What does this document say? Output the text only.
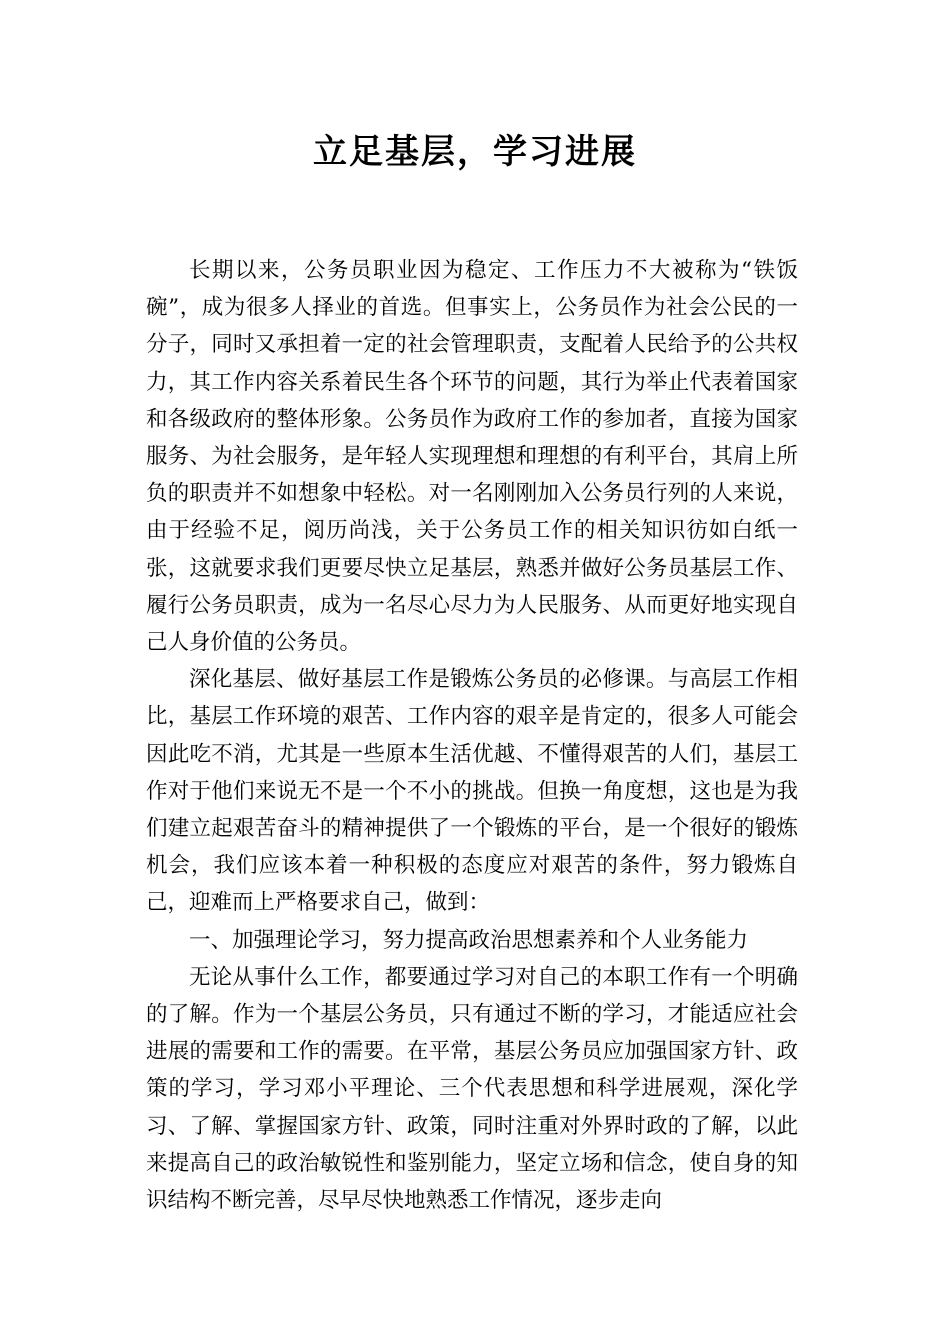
立足基层，学习进展

长期以来，公务员职业因为稳定、工作压力不大被称为“铁饭碗”，成为很多人择业的首选。但事实上，公务员作为社会公民的一分子，同时又承担着一定的社会管理职责，支配着人民给予的公共权力，其工作内容关系着民生各个环节的问题，其行为举止代表着国家和各级政府的整体形象。公务员作为政府工作的参加者，直接为国家服务、为社会服务，是年轻人实现理想和理想的有利平台，其肩上所负的职责并不如想象中轻松。对一名刚刚加入公务员行列的人来说，由于经验不足，阅历尚浅，关于公务员工作的相关知识彷如白纸一张，这就要求我们更要尽快立足基层，熟悉并做好公务员基层工作、履行公务员职责，成为一名尽心尽力为人民服务、从而更好地实现自己人身价值的公务员。

深化基层、做好基层工作是锻炼公务员的必修课。与高层工作相比，基层工作环境的艰苦、工作内容的艰辛是肯定的，很多人可能会因此吃不消，尤其是一些原本生活优越、不懂得艰苦的人们，基层工作对于他们来说无不是一个不小的挑战。但换一角度想，这也是为我们建立起艰苦奋斗的精神提供了一个锻炼的平台，是一个很好的锻炼机会，我们应该本着一种积极的态度应对艰苦的条件，努力锻炼自己，迎难而上严格要求自己，做到：

一、加强理论学习，努力提高政治思想素养和个人业务能力

无论从事什么工作，都要通过学习对自己的本职工作有一个明确的了解。作为一个基层公务员，只有通过不断的学习，才能适应社会进展的需要和工作的需要。在平常，基层公务员应加强国家方针、政策的学习，学习邓小平理论、三个代表思想和科学进展观，深化学习、了解、掌握国家方针、政策，同时注重对外界时政的了解，以此来提高自己的政治敏锐性和鉴别能力，坚定立场和信念，使自身的知识结构不断完善，尽早尽快地熟悉工作情况，逐步走向
